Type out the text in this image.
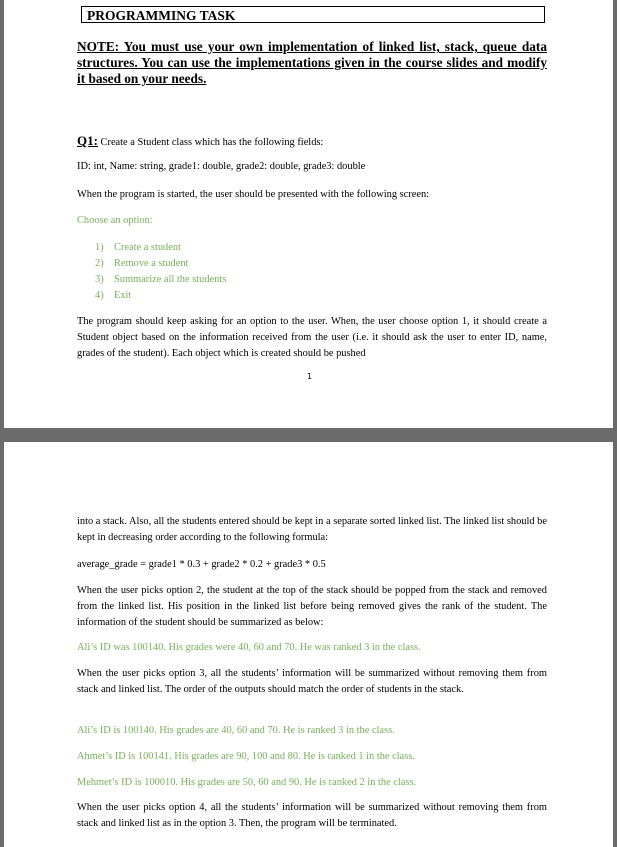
PROGRAMMING TASK
NOTE: You must use your own implementation of linked list, stack, queue data structures. You can use the implementations given in the course slides and modify it based on your needs.
Q1: Create a Student class which has the following fields:
ID: int, Name: string, grade1: double, grade2: double, grade3: double
When the program is started, the user should be presented with the following screen:
Choose an option:
1) Create a student
2) Remove a student
3) Summarize all the students
4) Exit
The program should keep asking for an option to the user. When, the user choose option 1, it should create a Student object based on the information received from the user (i.e. it should ask the user to enter ID, name, grades of the student). Each object which is created should be pushed
1
into a stack. Also, all the students entered should be kept in a separate sorted linked list. The linked list should be kept in decreasing order according to the following formula:
average_grade = grade1 * 0.3 + grade2 * 0.2 + grade3 * 0.5
When the user picks option 2, the student at the top of the stack should be popped from the stack and removed from the linked list. His position in the linked list before being removed gives the rank of the student. The information of the student should be summarized as below:
Ali’s ID was 100140. His grades were 40, 60 and 70. He was ranked 3 in the class.
When the user picks option 3, all the students’ information will be summarized without removing them from stack and linked list. The order of the outputs should match the order of students in the stack.
Ali’s ID is 100140. His grades are 40, 60 and 70. He is ranked 3 in the class.
Ahmet’s ID is 100141. His grades are 90, 100 and 80. He is ranked 1 in the class.
Mehmet’s ID is 100010. His grades are 50, 60 and 90. He is ranked 2 in the class.
When the user picks option 4, all the students’ information will be summarized without removing them from stack and linked list as in the option 3. Then, the program will be terminated.
